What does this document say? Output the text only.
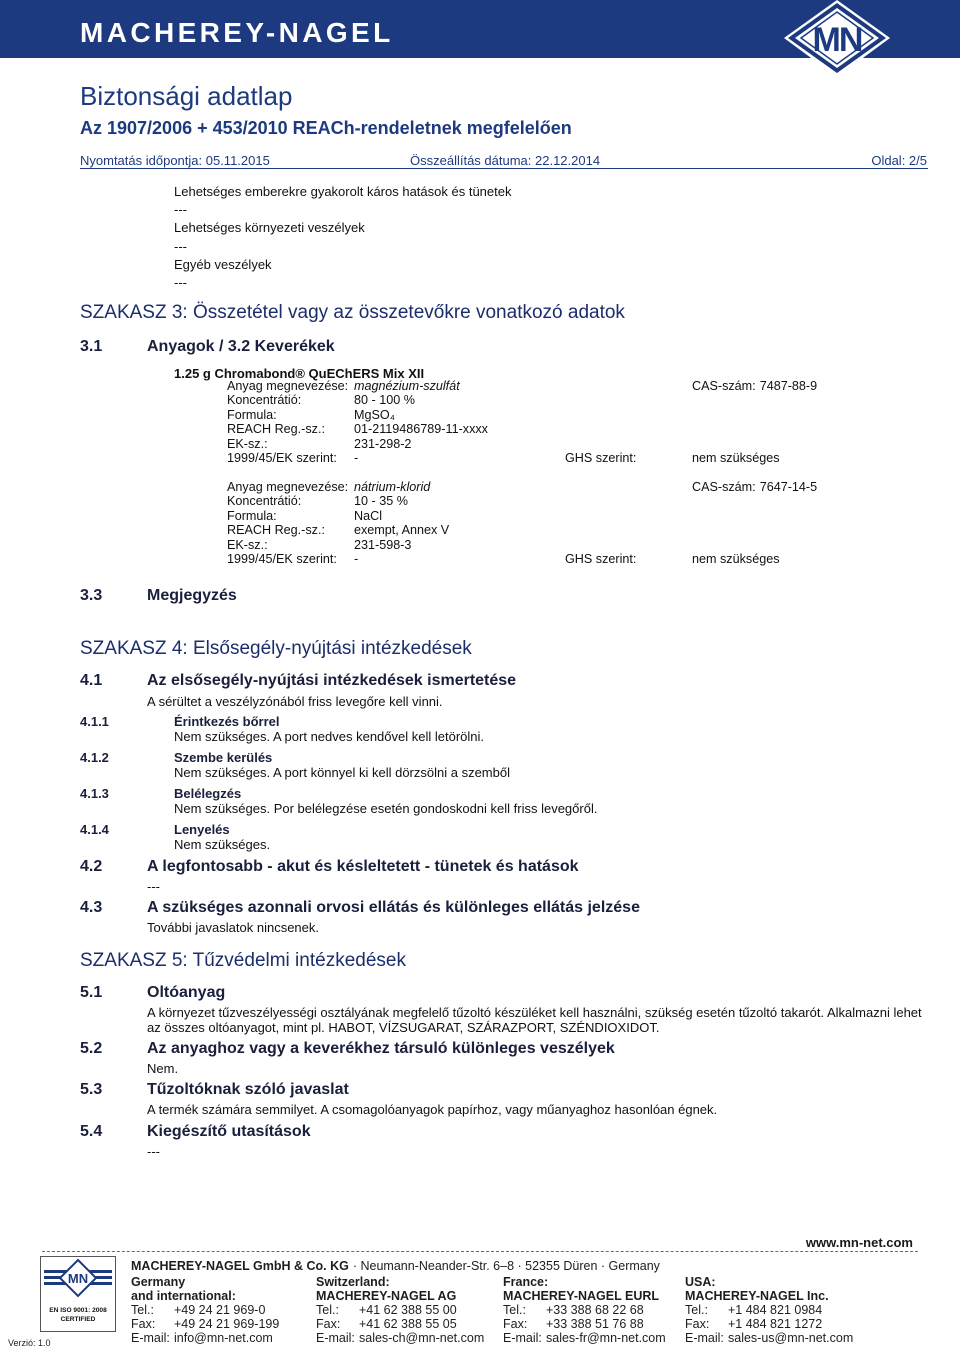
MACHEREY-NAGEL	MN
Biztonsági adatlap
Az 1907/2006 + 453/2010 REACh-rendeletnek megfelelően
Nyomtatás időpontja: 05.11.2015	Összeállítás dátuma: 22.12.2014	Oldal: 2/5
Lehetséges emberekre gyakorolt káros hatások és tünetek
---
Lehetséges környezeti veszélyek
---
Egyéb veszélyek
---
SZAKASZ 3: Összetétel vagy az összetevőkre vonatkozó adatok
3.1	Anyagok / 3.2 Keverékek
1.25 g Chromabond® QuEChERS Mix XII
Anyag megnevezése: magnézium-szulfát	CAS-szám: 7487-88-9
Koncentrátió:	80 - 100 %
Formula:	MgSO₄
REACH Reg.-sz.: 01-2119486789-11-xxxx
EK-sz.:	231-298-2
1999/45/EK szerint: -	GHS szerint:	nem szükséges
Anyag megnevezése: nátrium-klorid	CAS-szám: 7647-14-5
Koncentrátió:	10 - 35 %
Formula:	NaCl
REACH Reg.-sz.: exempt, Annex V
EK-sz.:	231-598-3
1999/45/EK szerint: -	GHS szerint:	nem szükséges
3.3	Megjegyzés
SZAKASZ 4: Elsősegély-nyújtási intézkedések
4.1	Az elsősegély-nyújtási intézkedések ismertetése
A sérültet a veszélyzónából friss levegőre kell vinni.
4.1.1	Érintkezés bőrrel
Nem szükséges. A port nedves kendővel kell letörölni.
4.1.2	Szembe kerülés
Nem szükséges. A port könnyel ki kell dörzsölni a szemből
4.1.3	Belélegzés
Nem szükséges. Por belélegzése esetén gondoskodni kell friss levegőről.
4.1.4	Lenyelés
Nem szükséges.
4.2	A legfontosabb - akut és késleltetett - tünetek és hatások
---
4.3	A szükséges azonnali orvosi ellátás és különleges ellátás jelzése
További javaslatok nincsenek.
SZAKASZ 5: Tűzvédelmi intézkedések
5.1	Oltóanyag
A környezet tűzveszélyességi osztályának megfelelő tűzoltó készüléket kell használni, szükség esetén tűzoltó takarót. Alkalmazni lehet
az összes oltóanyagot, mint pl. HABOT, VÍZSUGARAT, SZÁRAZPORT, SZÉNDIOXIDOT.
5.2	Az anyaghoz vagy a keverékhez társuló különleges veszélyek
Nem.
5.3	Tűzoltóknak szóló javaslat
A termék számára semmilyet. A csomagolóanyagok papírhoz, vagy műanyaghoz hasonlóan égnek.
5.4	Kiegészítő utasítások
---
www.mn-net.com
MN
EN ISO 9001: 2008
CERTIFIED
MACHEREY-NAGEL GmbH & Co. KG · Neumann-Neander-Str. 6–8 · 52355 Düren · Germany
Germany
and international:
Tel.: +49 24 21 969-0
Fax: +49 24 21 969-199
E-mail: info@mn-net.com
Switzerland:
MACHEREY-NAGEL AG
Tel.: +41 62 388 55 00
Fax: +41 62 388 55 05
E-mail: sales-ch@mn-net.com
France:
MACHEREY-NAGEL EURL
Tel.: +33 388 68 22 68
Fax: +33 388 51 76 88
E-mail: sales-fr@mn-net.com
USA:
MACHEREY-NAGEL Inc.
Tel.: +1 484 821 0984
Fax: +1 484 821 1272
E-mail: sales-us@mn-net.com
Verzió: 1.0
